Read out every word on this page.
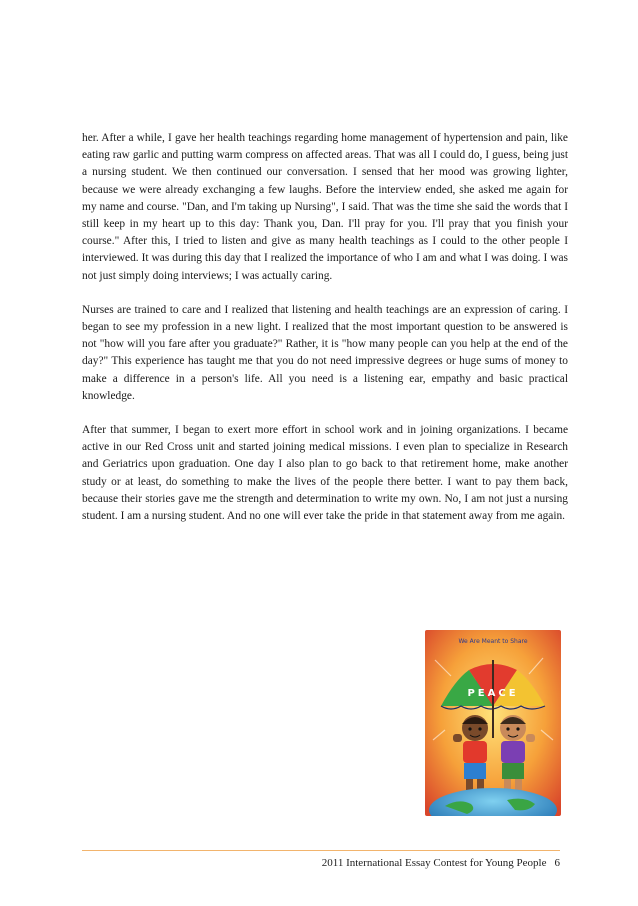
her. After a while, I gave her health teachings regarding home management of hypertension and pain, like eating raw garlic and putting warm compress on affected areas. That was all I could do, I guess, being just a nursing student. We then continued our conversation. I sensed that her mood was growing lighter, because we were already exchanging a few laughs. Before the interview ended, she asked me again for my name and course. "Dan, and I'm taking up Nursing", I said. That was the time she said the words that I still keep in my heart up to this day: Thank you, Dan. I'll pray for you. I'll pray that you finish your course." After this, I tried to listen and give as many health teachings as I could to the other people I interviewed. It was during this day that I realized the importance of who I am and what I was doing. I was not just simply doing interviews; I was actually caring.

Nurses are trained to care and I realized that listening and health teachings are an expression of caring. I began to see my profession in a new light. I realized that the most important question to be answered is not "how will you fare after you graduate?" Rather, it is "how many people can you help at the end of the day?" This experience has taught me that you do not need impressive degrees or huge sums of money to make a difference in a person's life. All you need is a listening ear, empathy and basic practical knowledge.

After that summer, I began to exert more effort in school work and in joining organizations. I became active in our Red Cross unit and started joining medical missions. I even plan to specialize in Research and Geriatrics upon graduation. One day I also plan to go back to that retirement home, make another study or at least, do something to make the lives of the people there better. I want to pay them back, because their stories gave me the strength and determination to write my own. No, I am not just a nursing student. I am a nursing student. And no one will ever take the pride in that statement away from me again.

We Are Meant to Share
PEACE
2011 International Essay Contest for Young People 6
